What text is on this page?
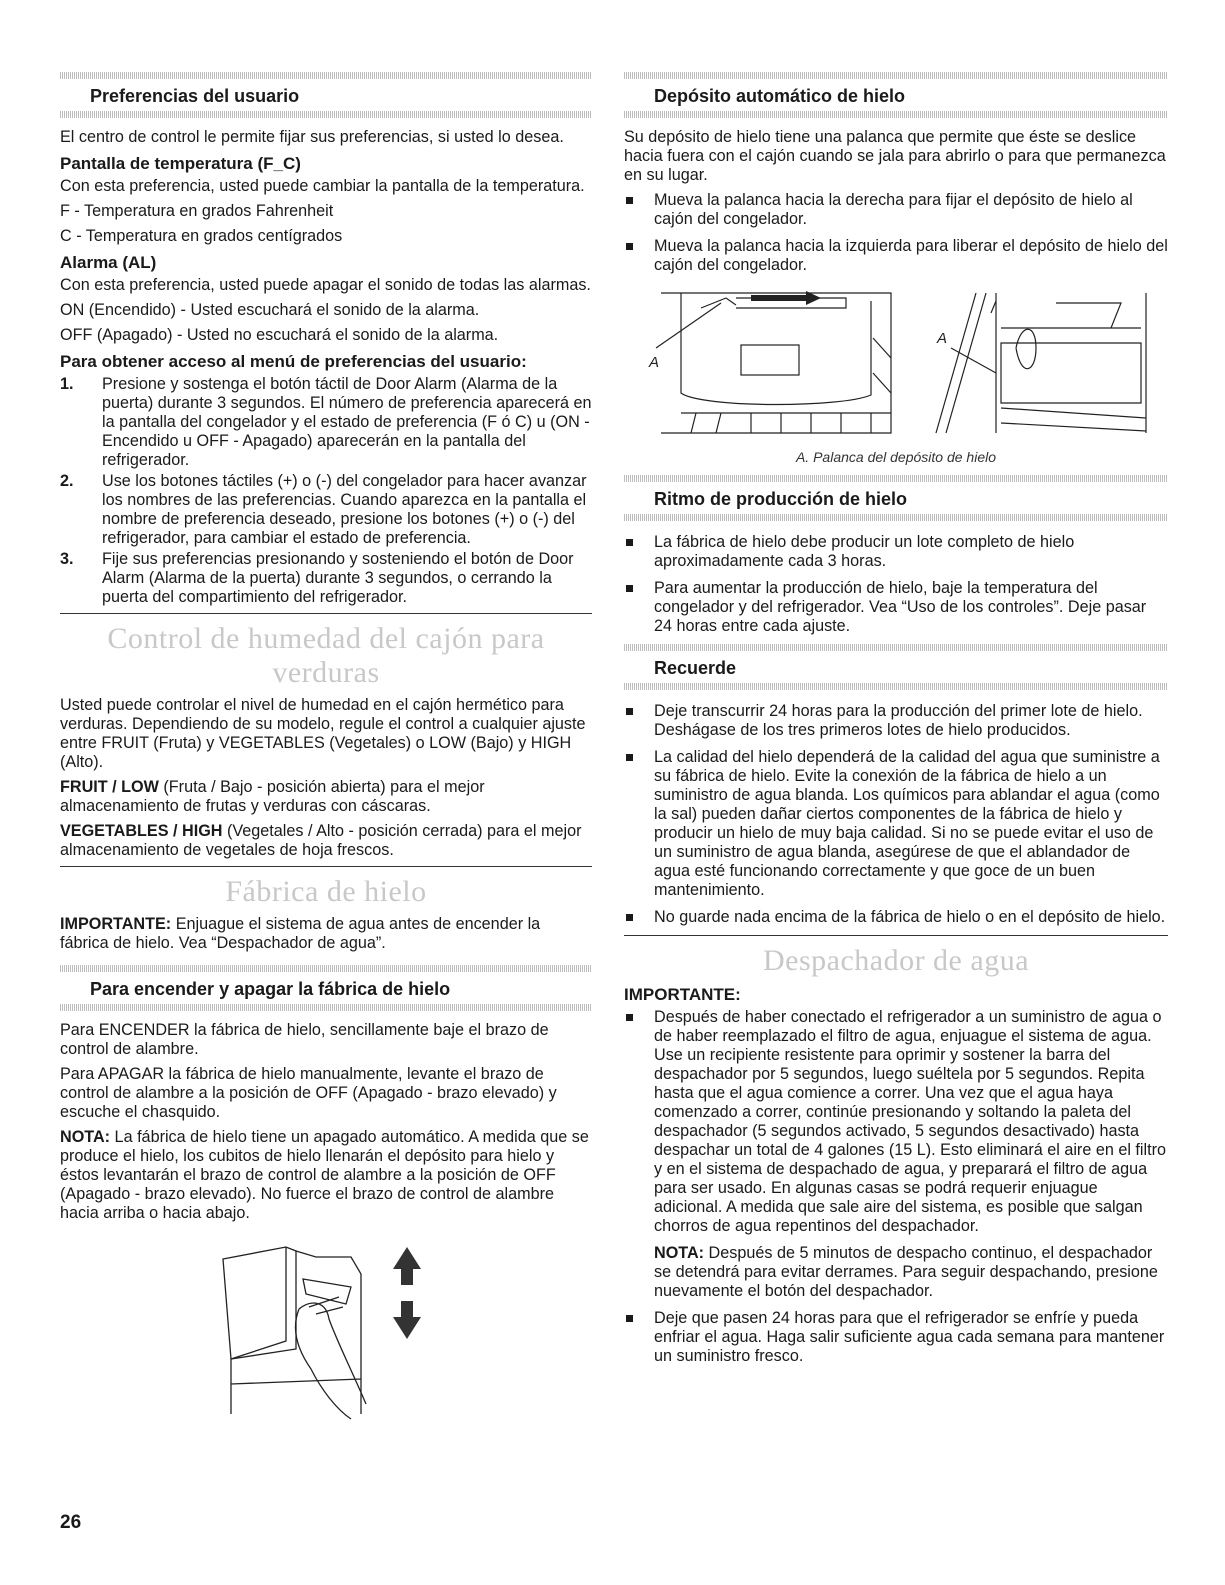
Preferencias del usuario

El centro de control le permite fijar sus preferencias, si usted lo desea.

Pantalla de temperatura (F_C)

Con esta preferencia, usted puede cambiar la pantalla de la temperatura.

F - Temperatura en grados Fahrenheit

C - Temperatura en grados centígrados

Alarma (AL)

Con esta preferencia, usted puede apagar el sonido de todas las alarmas.

ON (Encendido) - Usted escuchará el sonido de la alarma.

OFF (Apagado) - Usted no escuchará el sonido de la alarma.

Para obtener acceso al menú de preferencias del usuario:
1. Presione y sostenga el botón táctil de Door Alarm (Alarma de la puerta) durante 3 segundos. El número de preferencia aparecerá en la pantalla del congelador y el estado de preferencia (F ó C) u (ON - Encendido u OFF - Apagado) aparecerán en la pantalla del refrigerador.
2. Use los botones táctiles (+) o (-) del congelador para hacer avanzar los nombres de las preferencias. Cuando aparezca en la pantalla el nombre de preferencia deseado, presione los botones (+) o (-) del refrigerador, para cambiar el estado de preferencia.
3. Fije sus preferencias presionando y sosteniendo el botón de Door Alarm (Alarma de la puerta) durante 3 segundos, o cerrando la puerta del compartimiento del refrigerador.
Control de humedad del cajón para verduras

Usted puede controlar el nivel de humedad en el cajón hermético para verduras. Dependiendo de su modelo, regule el control a cualquier ajuste entre FRUIT (Fruta) y VEGETABLES (Vegetales) o LOW (Bajo) y HIGH (Alto).

FRUIT / LOW (Fruta / Bajo - posición abierta) para el mejor almacenamiento de frutas y verduras con cáscaras.

VEGETABLES / HIGH (Vegetales / Alto - posición cerrada) para el mejor almacenamiento de vegetales de hoja frescos.

Fábrica de hielo

IMPORTANTE: Enjuague el sistema de agua antes de encender la fábrica de hielo. Vea “Despachador de agua”.

Para encender y apagar la fábrica de hielo

Para ENCENDER la fábrica de hielo, sencillamente baje el brazo de control de alambre.

Para APAGAR la fábrica de hielo manualmente, levante el brazo de control de alambre a la posición de OFF (Apagado - brazo elevado) y escuche el chasquido.

NOTA: La fábrica de hielo tiene un apagado automático. A medida que se produce el hielo, los cubitos de hielo llenarán el depósito para hielo y éstos levantarán el brazo de control de alambre a la posición de OFF (Apagado - brazo elevado). No fuerce el brazo de control de alambre hacia arriba o hacia abajo.

Depósito automático de hielo

Su depósito de hielo tiene una palanca que permite que éste se deslice hacia fuera con el cajón cuando se jala para abrirlo o para que permanezca en su lugar.

Mueva la palanca hacia la derecha para fijar el depósito de hielo al cajón del congelador.
Mueva la palanca hacia la izquierda para liberar el depósito de hielo del cajón del congelador.
A
A
A. Palanca del depósito de hielo
Ritmo de producción de hielo
La fábrica de hielo debe producir un lote completo de hielo aproximadamente cada 3 horas.
Para aumentar la producción de hielo, baje la temperatura del congelador y del refrigerador. Vea “Uso de los controles”. Deje pasar 24 horas entre cada ajuste.
Recuerde
Deje transcurrir 24 horas para la producción del primer lote de hielo. Deshágase de los tres primeros lotes de hielo producidos.
La calidad del hielo dependerá de la calidad del agua que suministre a su fábrica de hielo. Evite la conexión de la fábrica de hielo a un suministro de agua blanda. Los químicos para ablandar el agua (como la sal) pueden dañar ciertos componentes de la fábrica de hielo y producir un hielo de muy baja calidad. Si no se puede evitar el uso de un suministro de agua blanda, asegúrese de que el ablandador de agua esté funcionando correctamente y que goce de un buen mantenimiento.
No guarde nada encima de la fábrica de hielo o en el depósito de hielo.
Despachador de agua
IMPORTANTE:
Después de haber conectado el refrigerador a un suministro de agua o de haber reemplazado el filtro de agua, enjuague el sistema de agua. Use un recipiente resistente para oprimir y sostener la barra del despachador por 5 segundos, luego suéltela por 5 segundos. Repita hasta que el agua comience a correr. Una vez que el agua haya comenzado a correr, continúe presionando y soltando la paleta del despachador (5 segundos activado, 5 segundos desactivado) hasta despachar un total de 4 galones (15 L). Esto eliminará el aire en el filtro y en el sistema de despachado de agua, y preparará el filtro de agua para ser usado. En algunas casas se podrá requerir enjuague adicional. A medida que sale aire del sistema, es posible que salgan chorros de agua repentinos del despachador.

NOTA: Después de 5 minutos de despacho continuo, el despachador se detendrá para evitar derrames. Para seguir despachando, presione nuevamente el botón del despachador.

Deje que pasen 24 horas para que el refrigerador se enfríe y pueda enfriar el agua. Haga salir suficiente agua cada semana para mantener un suministro fresco.
26
